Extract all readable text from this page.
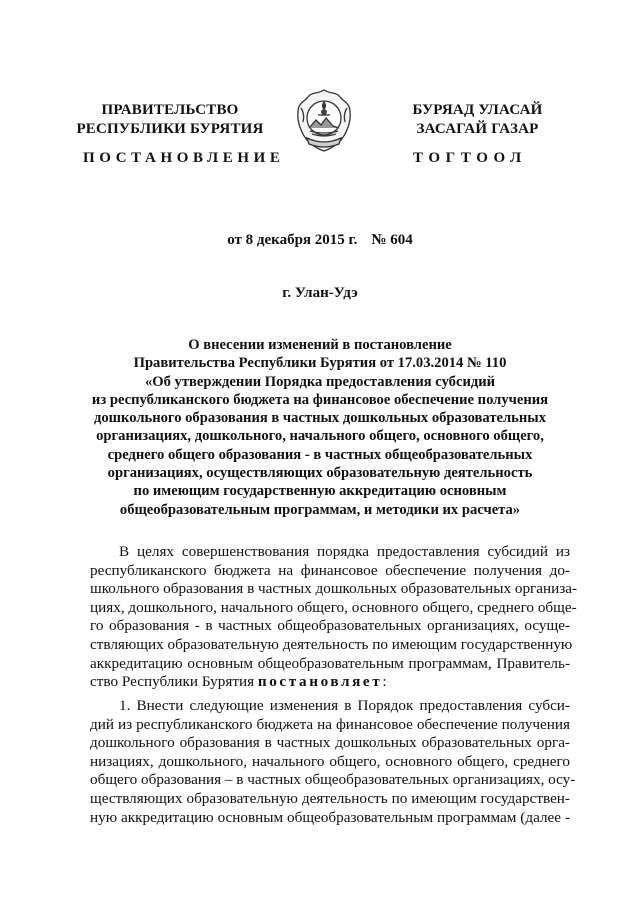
ПРАВИТЕЛЬСТВО
РЕСПУБЛИКИ БУРЯТИЯ
БУРЯАД УЛАСАЙ
ЗАСАГАЙ ГАЗАР
ПОСТАНОВЛЕНИЕ	ТОГТООЛ
от 8 декабря 2015 г. № 604
г. Улан-Удэ
О внесении изменений в постановление
Правительства Республики Бурятия от 17.03.2014 № 110
«Об утверждении Порядка предоставления субсидий
из республиканского бюджета на финансовое обеспечение получения
дошкольного образования в частных дошкольных образовательных
организациях, дошкольного, начального общего, основного общего,
среднего общего образования - в частных общеобразовательных
организациях, осуществляющих образовательную деятельность
по имеющим государственную аккредитацию основным
общеобразовательным программам, и методики их расчета»
В целях совершенствования порядка предоставления субсидий из
республиканского бюджета на финансовое обеспечение получения до-
школьного образования в частных дошкольных образовательных организа-
циях, дошкольного, начального общего, основного общего, среднего обще-
го образования - в частных общеобразовательных организациях, осуще-
ствляющих образовательную деятельность по имеющим государственную
аккредитацию основным общеобразовательным программам, Правитель-
ство Республики Бурятия постановляет:
1. Внести следующие изменения в Порядок предоставления субси-
дий из республиканского бюджета на финансовое обеспечение получения
дошкольного образования в частных дошкольных образовательных орга-
низациях, дошкольного, начального общего, основного общего, среднего
общего образования – в частных общеобразовательных организациях, осу-
ществляющих образовательную деятельность по имеющим государствен-
ную аккредитацию основным общеобразовательным программам (далее -
